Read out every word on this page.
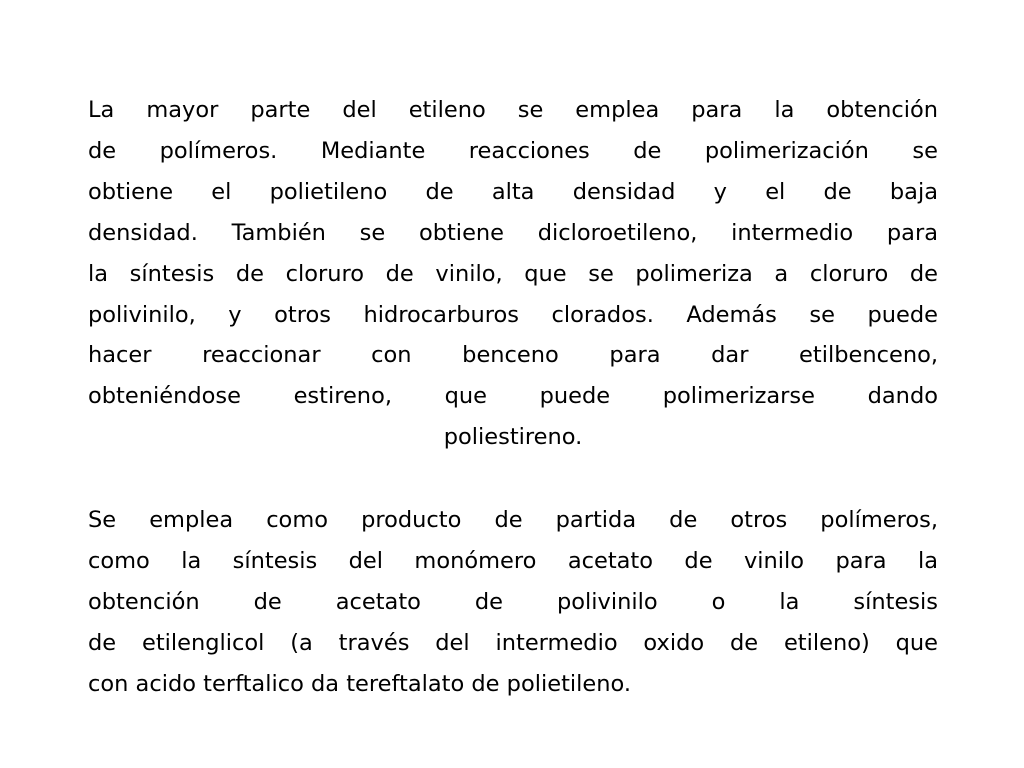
La mayor parte del etileno se emplea para la obtención
de polímeros. Mediante reacciones de polimerización se
obtiene el polietileno de alta densidad y el de baja
densidad. También se obtiene dicloroetileno, intermedio para
la síntesis de cloruro de vinilo, que se polimeriza a cloruro de
polivinilo, y otros hidrocarburos clorados. Además se puede
hacer reaccionar con benceno para dar etilbenceno,
obteniéndose estireno, que puede polimerizarse dando
poliestireno.
Se emplea como producto de partida de otros polímeros,
como la síntesis del monómero acetato de vinilo para la
obtención de acetato de polivinilo o la síntesis
de etilenglicol (a través del intermedio oxido de etileno) que
con acido terftalico da tereftalato de polietileno.
